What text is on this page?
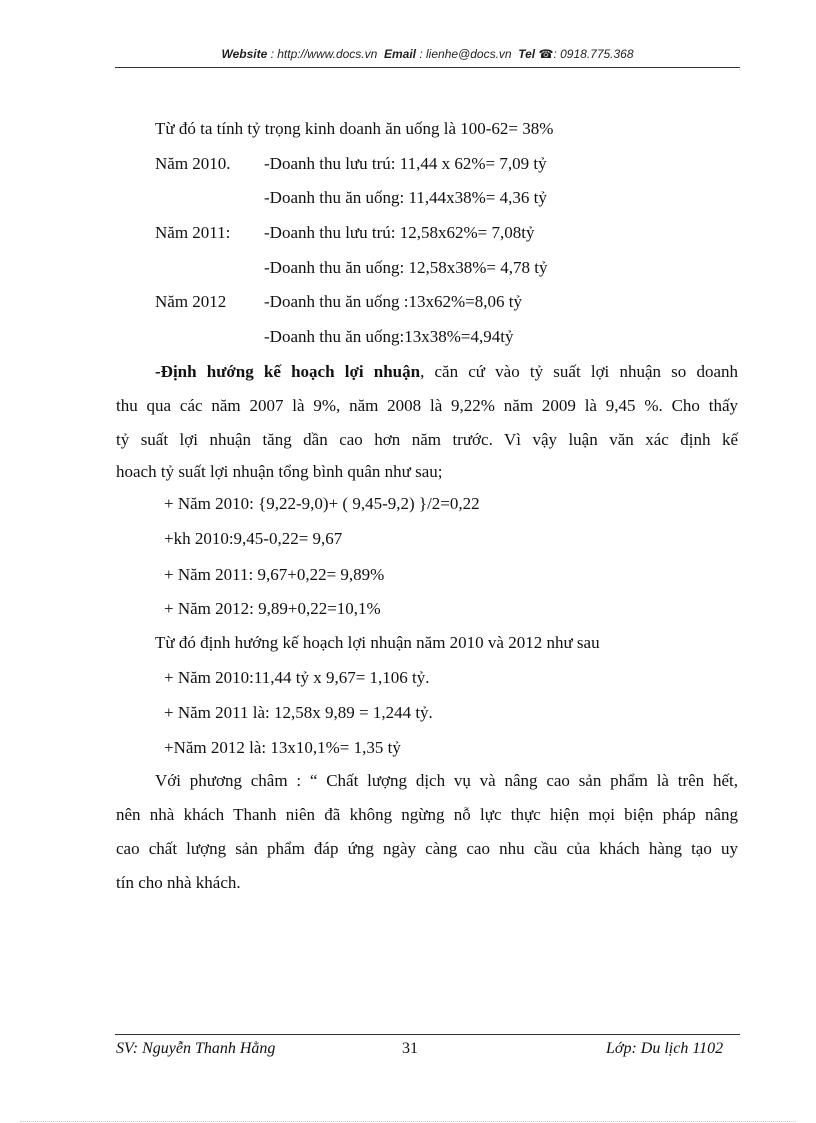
Website : http://www.docs.vn Email : lienhe@docs.vn Tel ☎: 0918.775.368
Từ đó ta tính tỷ trọng kinh doanh ăn uống là 100-62= 38%
Năm 2010. -Doanh thu lưu trú: 11,44 x 62%= 7,09 tỷ
-Doanh thu ăn uống: 11,44x38%= 4,36 tỷ
Năm 2011: -Doanh thu lưu trú: 12,58x62%= 7,08tỷ
-Doanh thu ăn uống: 12,58x38%= 4,78 tỷ
Năm 2012 -Doanh thu ăn uống :13x62%=8,06 tỷ
-Doanh thu ăn uống:13x38%=4,94tỷ
-Định hướng kế hoạch lợi nhuận, căn cứ vào tỷ suất lợi nhuận so doanh
thu qua các năm 2007 là 9%, năm 2008 là 9,22% năm 2009 là 9,45 %. Cho thấy
tỷ suất lợi nhuận tăng dần cao hơn năm trước. Vì vậy luận văn xác định kế
hoach tỷ suất lợi nhuận tổng bình quân như sau;
+ Năm 2010: {9,22-9,0)+ ( 9,45-9,2) }/2=0,22
+kh 2010:9,45-0,22= 9,67
+ Năm 2011: 9,67+0,22= 9,89%
+ Năm 2012: 9,89+0,22=10,1%
Từ đó định hướng kế hoạch lợi nhuận năm 2010 và 2012 như sau
+ Năm 2010:11,44 tỷ x 9,67= 1,106 tỷ.
+ Năm 2011 là: 12,58x 9,89 = 1,244 tỷ.
+Năm 2012 là: 13x10,1%= 1,35 tỷ
Với phương châm : “ Chất lượng dịch vụ và nâng cao sản phẩm là trên hết,
nên nhà khách Thanh niên đã không ngừng nỗ lực thực hiện mọi biện pháp nâng
cao chất lượng sản phẩm đáp ứng ngày càng cao nhu cầu của khách hàng tạo uy
tín cho nhà khách.
SV: Nguyễn Thanh Hằng	31	Lớp: Du lịch 1102
